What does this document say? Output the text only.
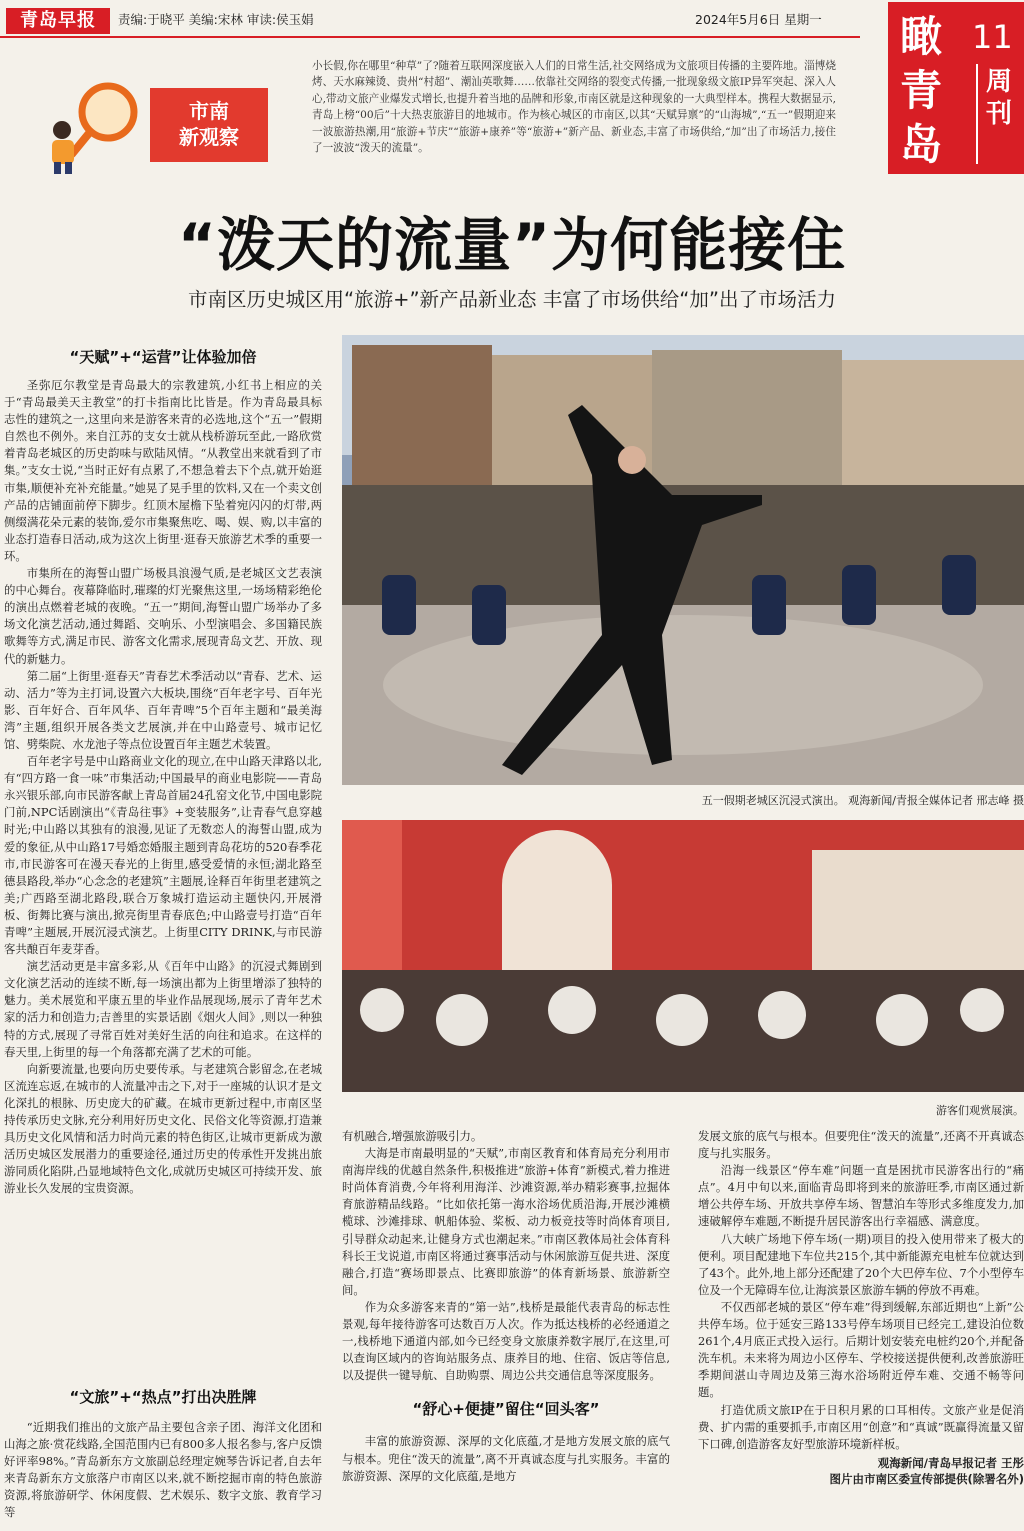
青岛早报	责编:于晓平 美编:宋林 审读:侯玉娟	2024年5月6日 星期一 瞰青岛
11
周刊
市南
新观察
小长假,你在哪里“种草”了?随着互联网深度嵌入人们的日常生活,社交网络成为文旅项目传播的主要阵地。淄博烧烤、天水麻辣烫、贵州“村超”、潮汕英歌舞……依靠社交网络的裂变式传播,一批现象级文旅IP异军突起、深入人心,带动文旅产业爆发式增长,也提升着当地的品牌和形象,市南区就是这种现象的一大典型样本。携程大数据显示,青岛上榜“00后”十大热衷旅游目的地城市。作为核心城区的市南区,以其“天赋异禀”的“山海城”,“五一”假期迎来一波旅游热潮,用“旅游+节庆”“旅游+康养”等“旅游+”新产品、新业态,丰富了市场供给,“加”出了市场活力,接住了一波波“泼天的流量”。
“泼天的流量”为何能接住
市南区历史城区用“旅游+”新产品新业态 丰富了市场供给“加”出了市场活力
“天赋”+“运营”让体验加倍

圣弥厄尔教堂是青岛最大的宗教建筑,小红书上相应的关于“青岛最美天主教堂”的打卡指南比比皆是。作为青岛最具标志性的建筑之一,这里向来是游客来青的必选地,这个“五一”假期自然也不例外。来自江苏的支女士就从栈桥游玩至此,一路欣赏着青岛老城区的历史韵味与欧陆风情。“从教堂出来就看到了市集。”支女士说,“当时正好有点累了,不想急着去下个点,就开始逛市集,顺便补充补充能量。”她晃了晃手里的饮料,又在一个卖文创产品的店铺面前停下脚步。红顶木屋檐下坠着宛闪闪的灯带,两侧缀满花朵元素的装饰,爱尔市集聚焦吃、喝、娱、购,以丰富的业态打造春日活动,成为这次上街里·逛春天旅游艺术季的重要一环。

市集所在的海誓山盟广场极具浪漫气质,是老城区文艺表演的中心舞台。夜幕降临时,璀璨的灯光聚焦这里,一场场精彩绝伦的演出点燃着老城的夜晚。“五一”期间,海誓山盟广场举办了多场文化演艺活动,通过舞蹈、交响乐、小型演唱会、多国籍民族歌舞等方式,满足市民、游客文化需求,展现青岛文艺、开放、现代的新魅力。

第二届“上街里·逛春天”青春艺术季活动以“青春、艺术、运动、活力”等为主打词,设置六大板块,围绕“百年老字号、百年光影、百年好合、百年风华、百年青啤”5个百年主题和“最美海湾”主题,组织开展各类文艺展演,并在中山路壹号、城市记忆馆、劈柴院、水龙池子等点位设置百年主题艺术装置。

百年老字号是中山路商业文化的现立,在中山路天津路以北,有“四方路一食一味”市集活动;中国最早的商业电影院——青岛永兴银乐部,向市民游客献上青岛首届24孔窑文化节,中国电影院门前,NPC话剧演出“《青岛往事》+变装服务”,让青春气息穿越时光;中山路以其独有的浪漫,见证了无数恋人的海誓山盟,成为爱的象征,从中山路17号婚恋婚服主题到青岛花坊的520春季花市,市民游客可在漫天春光的上街里,感受爱情的永恒;湖北路至德县路段,举办“心念念的老建筑”主题展,诠释百年街里老建筑之美;广西路至湖北路段,联合万象城打造运动主题快闪,开展滑板、街舞比赛与演出,掀亮街里青春底色;中山路壹号打造“百年青啤”主题展,开展沉浸式演艺。上街里CITY DRINK,与市民游客共酿百年麦芽香。

演艺活动更是丰富多彩,从《百年中山路》的沉浸式舞剧到文化演艺活动的连续不断,每一场演出都为上街里增添了独特的魅力。美术展览和平康五里的毕业作品展现场,展示了青年艺术家的活力和创造力;吉善里的实景话剧《烟火人间》,则以一种独特的方式,展现了寻常百姓对美好生活的向往和追求。在这样的春天里,上街里的每一个角落都充满了艺术的可能。

向新要流量,也要向历史要传承。与老建筑合影留念,在老城区流连忘返,在城市的人流量冲击之下,对于一座城的认识才是文化深扎的根脉、历史庞大的矿藏。在城市更新过程中,市南区坚持传承历史文脉,充分利用好历史文化、民俗文化等资源,打造兼具历史文化风情和活力时尚元素的特色街区,让城市更新成为激活历史城区发展潜力的重要途径,通过历史的传承性开发挑出旅游同质化陷阱,凸显地域特色文化,成就历史城区可持续开发、旅游业长久发展的宝贵资源。

“文旅”+“热点”打出决胜牌

“近期我们推出的文旅产品主要包含亲子团、海洋文化团和山海之旅·赏花线路,全国范围内已有800多人报名参与,客户反馈好评率98%。”青岛新东方文旅副总经理定婉琴告诉记者,自去年来青岛新东方文旅落户市南区以来,就不断挖掘市南的特色旅游资源,将旅游研学、休闲度假、艺术娱乐、数字文旅、教育学习等

五一假期老城区沉浸式演出。 观海新闻/青报全媒体记者 邢志峰 摄
游客们观赏展演。

有机融合,增强旅游吸引力。

大海是市南最明显的“天赋”,市南区教育和体育局充分利用市南海岸线的优越自然条件,积极推进“旅游+体育”新模式,着力推进时尚体育消费,今年将利用海洋、沙滩资源,举办精彩赛事,拉掘体育旅游精品线路。“比如依托第一海水浴场优质沿海,开展沙滩横榄球、沙滩排球、帆船体验、桨板、动力板竞技等时尚体育项目,引导群众动起来,让健身方式也潮起来。”市南区教体局社会体育科科长王戈说道,市南区将通过赛事活动与休闲旅游互促共进、深度融合,打造“赛场即景点、比赛即旅游”的体育新场景、旅游新空间。

作为众多游客来青的“第一站”,栈桥是最能代表青岛的标志性景观,每年接待游客可达数百万人次。作为抵达栈桥的必经通道之一,栈桥地下通道内部,如今已经变身文旅康养数字展厅,在这里,可以查询区域内的咨询站服务点、康养目的地、住宿、饭店等信息,以及提供一键导航、自助购票、周边公共交通信息等深度服务。

“舒心+便捷”留住“回头客”

丰富的旅游资源、深厚的文化底蕴,才是地方发展文旅的底气与根本。兜住“泼天的流量”,离不开真诚态度与扎实服务。丰富的旅游资源、深厚的文化底蕴,是地方

发展文旅的底气与根本。但要兜住“泼天的流量”,还离不开真诚态度与扎实服务。

沿海一线景区“停车难”问题一直是困扰市民游客出行的“痛点”。4月中旬以来,面临青岛即将到来的旅游旺季,市南区通过新增公共停车场、开放共享停车场、智慧泊车等形式多维度发力,加速破解停车难题,不断提升居民游客出行幸福感、满意度。

八大峡广场地下停车场(一期)项目的投入使用带来了极大的便利。项目配建地下车位共215个,其中新能源充电桩车位就达到了43个。此外,地上部分还配建了20个大巴停车位、7个小型停车位及一个无障碍车位,让海滨景区旅游车辆的停放不再难。

不仅西部老城的景区“停车难”得到缓解,东部近期也“上新”公共停车场。位于延安三路133号停车场项目已经完工,建设泊位数261个,4月底正式投入运行。后期计划安装充电桩约20个,并配备洗车机。未来将为周边小区停车、学校接送提供便利,改善旅游旺季期间湛山寺周边及第三海水浴场附近停车难、交通不畅等问题。

打造优质文旅IP在于日积月累的口耳相传。文旅产业是促消费、扩内需的重要抓手,市南区用“创意”和“真诚”既赢得流量又留下口碑,创造游客友好型旅游环境新样板。

观海新闻/青岛早报记者 王彤
图片由市南区委宣传部提供(除署名外)
